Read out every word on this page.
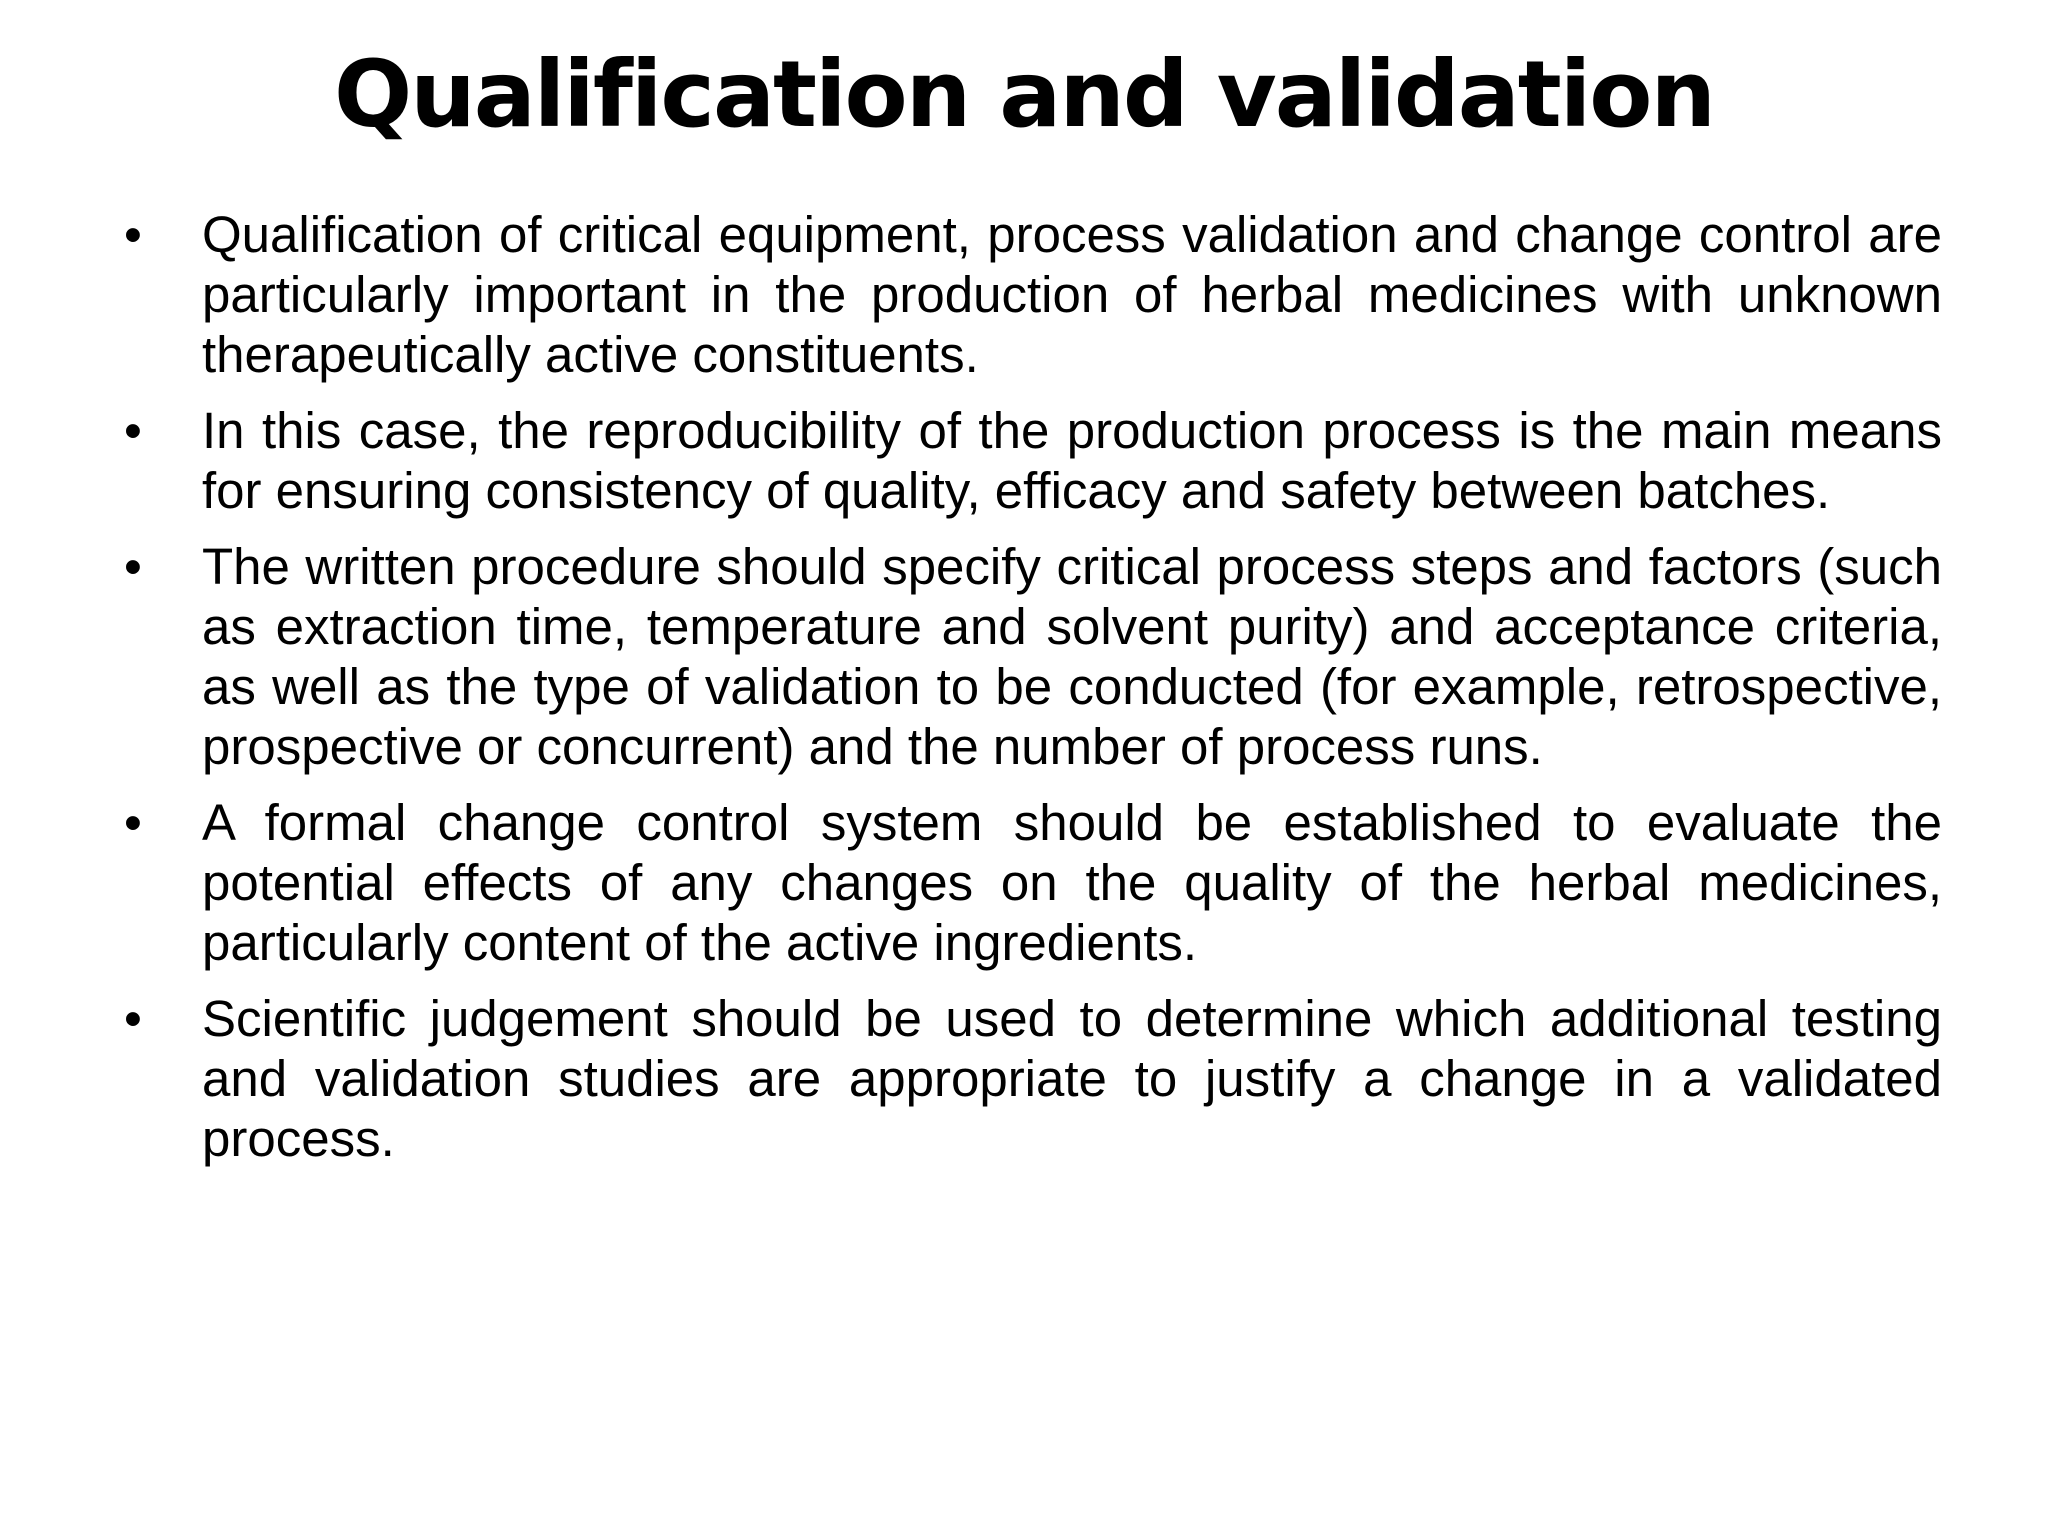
Qualification and validation
•	Qualification of critical equipment, process validation and change control are particularly important in the production of herbal medicines with unknown therapeutically active constituents.
•	In this case, the reproducibility of the production process is the main means for ensuring consistency of quality, efficacy and safety between batches.
•	The written procedure should specify critical process steps and factors (such as extraction time, temperature and solvent purity) and acceptance criteria, as well as the type of validation to be conducted (for example, retrospective, prospective or concurrent) and the number of process runs.
•	A formal change control system should be established to evaluate the potential effects of any changes on the quality of the herbal medicines, particularly content of the active ingredients.
•	Scientific judgement should be used to determine which additional testing and validation studies are appropriate to justify a change in a validated process.
